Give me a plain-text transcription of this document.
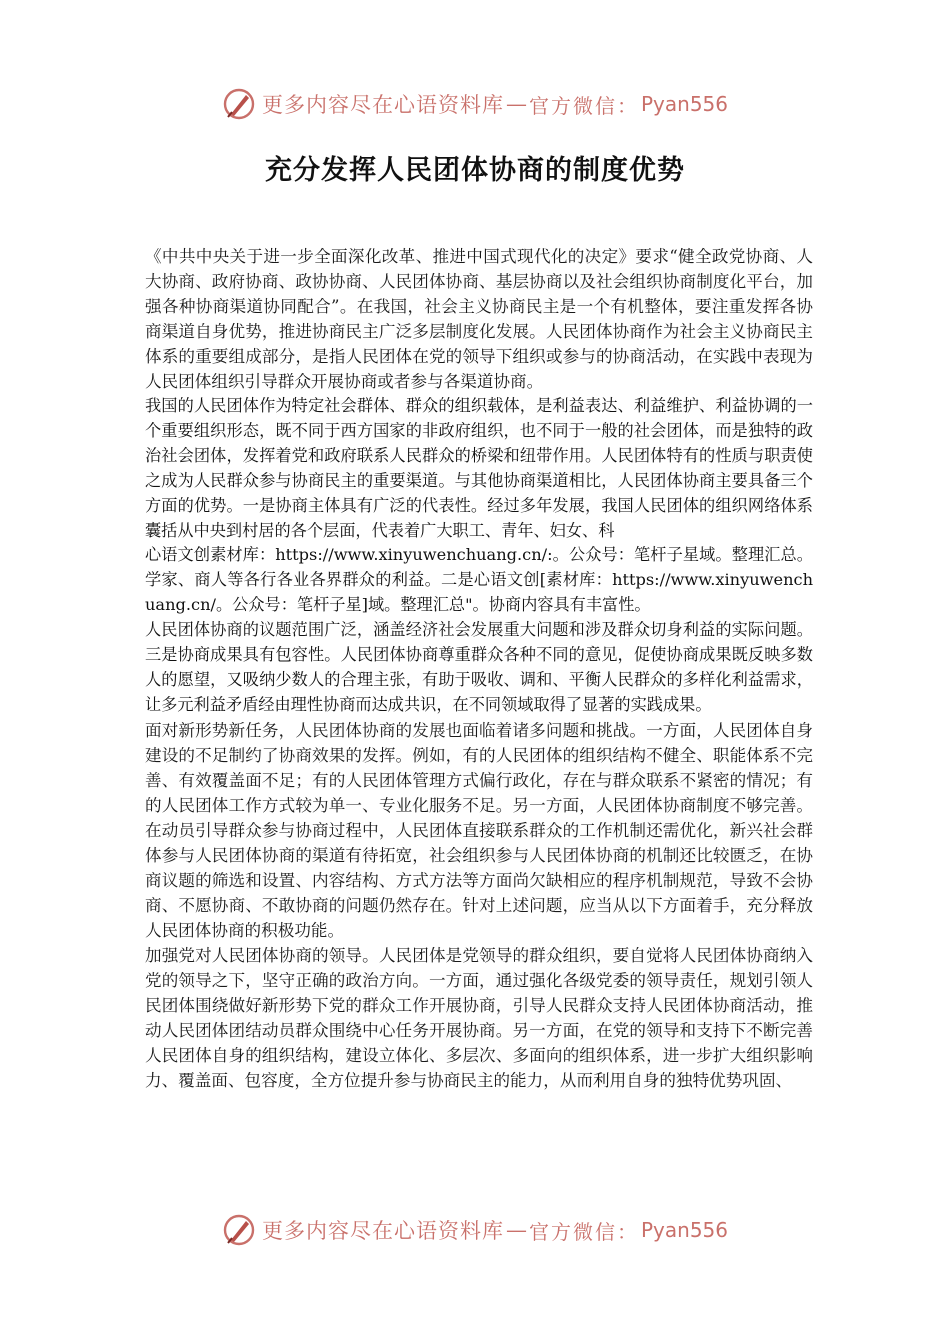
更多内容尽在心语资料库 — 官方微信： Pyan556
充分发挥人民团体协商的制度优势

《中共中央关于进一步全面深化改革、推进中国式现代化的决定》要求“健全政党协商、人大协商、政府协商、政协协商、人民团体协商、基层协商以及社会组织协商制度化平台，加强各种协商渠道协同配合”。在我国，社会主义协商民主是一个有机整体，要注重发挥各协商渠道自身优势，推进协商民主广泛多层制度化发展。人民团体协商作为社会主义协商民主体系的重要组成部分，是指人民团体在党的领导下组织或参与的协商活动，在实践中表现为人民团体组织引导群众开展协商或者参与各渠道协商。

我国的人民团体作为特定社会群体、群众的组织载体，是利益表达、利益维护、利益协调的一个重要组织形态，既不同于西方国家的非政府组织，也不同于一般的社会团体，而是独特的政治社会团体，发挥着党和政府联系人民群众的桥梁和纽带作用。人民团体特有的性质与职责使之成为人民群众参与协商民主的重要渠道。与其他协商渠道相比，人民团体协商主要具备三个方面的优势。一是协商主体具有广泛的代表性。经过多年发展，我国人民团体的组织网络体系囊括从中央到村居的各个层面，代表着广大职工、青年、妇女、科

心语文创素材库：https://www.xinyuwenchuang.cn/:。公众号：笔杆子星域。整理汇总。学家、商人等各行各业各界群众的利益。二是心语文创[素材库：https://www.xinyuwenchuang.cn/。公众号：笔杆子星]域。整理汇总"。协商内容具有丰富性。

人民团体协商的议题范围广泛，涵盖经济社会发展重大问题和涉及群众切身利益的实际问题。三是协商成果具有包容性。人民团体协商尊重群众各种不同的意见，促使协商成果既反映多数人的愿望，又吸纳少数人的合理主张，有助于吸收、调和、平衡人民群众的多样化利益需求，让多元利益矛盾经由理性协商而达成共识，在不同领域取得了显著的实践成果。

面对新形势新任务，人民团体协商的发展也面临着诸多问题和挑战。一方面，人民团体自身建设的不足制约了协商效果的发挥。例如，有的人民团体的组织结构不健全、职能体系不完善、有效覆盖面不足；有的人民团体管理方式偏行政化，存在与群众联系不紧密的情况；有的人民团体工作方式较为单一、专业化服务不足。另一方面，人民团体协商制度不够完善。在动员引导群众参与协商过程中，人民团体直接联系群众的工作机制还需优化，新兴社会群体参与人民团体协商的渠道有待拓宽，社会组织参与人民团体协商的机制还比较匮乏，在协商议题的筛选和设置、内容结构、方式方法等方面尚欠缺相应的程序机制规范，导致不会协商、不愿协商、不敢协商的问题仍然存在。针对上述问题，应当从以下方面着手，充分释放人民团体协商的积极功能。

加强党对人民团体协商的领导。人民团体是党领导的群众组织，要自觉将人民团体协商纳入党的领导之下，坚守正确的政治方向。一方面，通过强化各级党委的领导责任，规划引领人民团体围绕做好新形势下党的群众工作开展协商，引导人民群众支持人民团体协商活动，推动人民团体团结动员群众围绕中心任务开展协商。另一方面，在党的领导和支持下不断完善人民团体自身的组织结构，建设立体化、多层次、多面向的组织体系，进一步扩大组织影响力、覆盖面、包容度，全方位提升参与协商民主的能力，从而利用自身的独特优势巩固、

更多内容尽在心语资料库 — 官方微信： Pyan556
